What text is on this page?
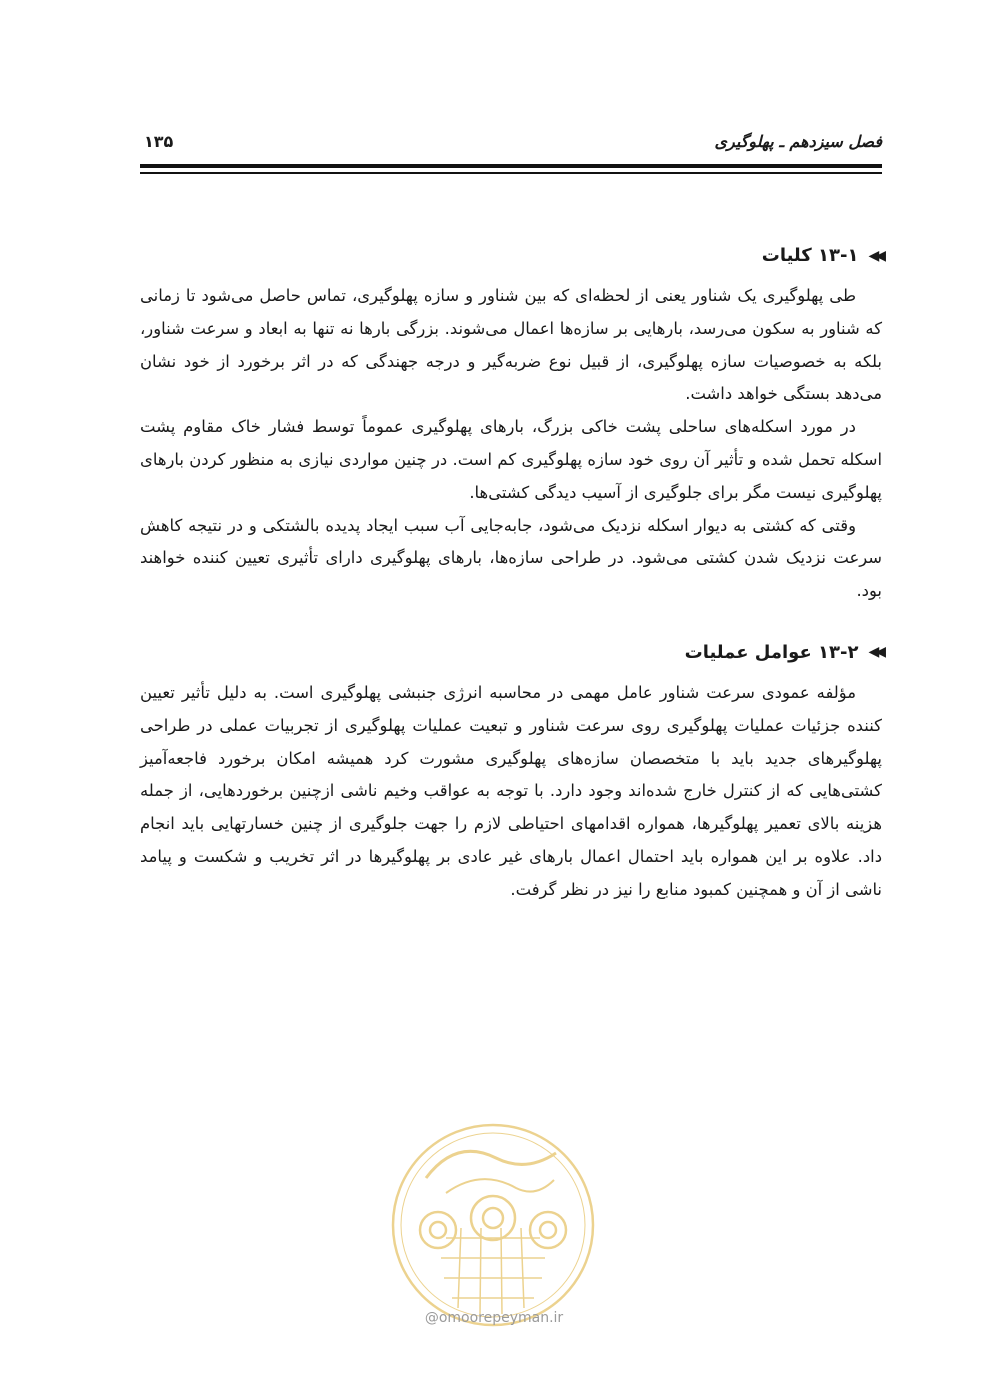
فصل سیزدهم ـ پهلوگیری
۱۳۵
◀◀
۱۳-۱ کلیات

طی پهلوگیری یک شناور یعنی از لحظه‌ای که بین شناور و سازه پهلوگیری، تماس حاصل می‌شود تا زمانی که شناور به سکون می‌رسد، بارهایی بر سازه‌ها اعمال می‌شوند. بزرگی بارها نه تنها به ابعاد و سرعت شناور، بلکه به خصوصیات سازه پهلوگیری، از قبیل نوع ضربه‌گیر و درجه جهندگی که در اثر برخورد از خود نشان می‌دهد بستگی خواهد داشت.

در مورد اسکله‌های ساحلی پشت خاکی بزرگ، بارهای پهلوگیری عموماً توسط فشار خاک مقاوم پشت اسکله تحمل شده و تأثیر آن روی خود سازه پهلوگیری کم است. در چنین مواردی نیازی به منظور کردن بارهای پهلوگیری نیست مگر برای جلوگیری از آسیب دیدگی کشتی‌ها.

وقتی که کشتی به دیوار اسکله نزدیک می‌شود، جابه‌جایی آب سبب ایجاد پدیده بالشتکی و در نتیجه کاهش سرعت نزدیک شدن کشتی می‌شود. در طراحی سازه‌ها، بارهای پهلوگیری دارای تأثیری تعیین کننده خواهند بود.

◀◀
۱۳-۲ عوامل عملیات

مؤلفه عمودی سرعت شناور عامل مهمی در محاسبه انرژی جنبشی پهلوگیری است. به دلیل تأثیر تعیین کننده جزئیات عملیات پهلوگیری روی سرعت شناور و تبعیت عملیات پهلوگیری از تجربیات عملی در طراحی پهلوگیرهای جدید باید با متخصصان سازه‌های پهلوگیری مشورت کرد همیشه امکان برخورد فاجعه‌آمیز کشتی‌هایی که از کنترل خارج شده‌اند وجود دارد. با توجه به عواقب وخیم ناشی ازچنین برخوردهایی، از جمله هزینه بالای تعمیر پهلوگیرها، همواره اقدامهای احتیاطی لازم را جهت جلوگیری از چنین خسارتهایی باید انجام داد. علاوه بر این همواره باید احتمال اعمال بارهای غیر عادی بر پهلوگیرها در اثر تخریب و شکست و پیامد ناشی از آن و همچنین کمبود منابع را نیز در نظر گرفت.

@omoorepeyman.ir
